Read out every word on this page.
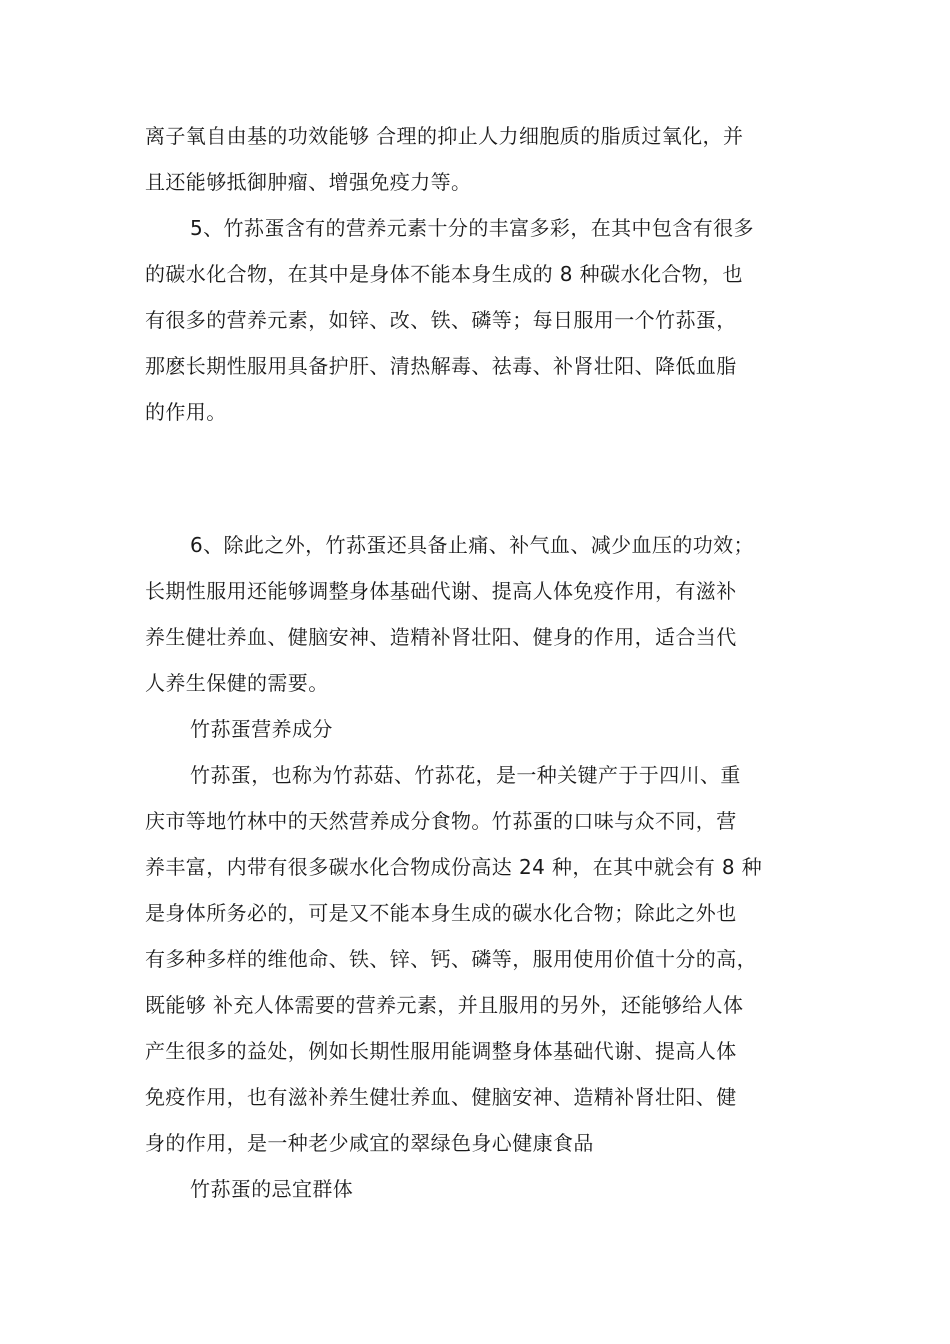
离子氧自由基的功效能够 合理的抑止人力细胞质的脂质过氧化，并
且还能够抵御肿瘤、增强免疫力等。
5、竹荪蛋含有的营养元素十分的丰富多彩，在其中包含有很多
的碳水化合物，在其中是身体不能本身生成的 8 种碳水化合物，也
有很多的营养元素，如锌、改、铁、磷等；每日服用一个竹荪蛋，
那麽长期性服用具备护肝、清热解毒、祛毒、补肾壮阳、降低血脂
的作用。
6、除此之外，竹荪蛋还具备止痛、补气血、减少血压的功效；
长期性服用还能够调整身体基础代谢、提高人体免疫作用，有滋补
养生健壮养血、健脑安神、造精补肾壮阳、健身的作用，适合当代
人养生保健的需要。
竹荪蛋营养成分
竹荪蛋，也称为竹荪菇、竹荪花，是一种关键产于于四川、重
庆市等地竹林中的天然营养成分食物。竹荪蛋的口味与众不同，营
养丰富，内带有很多碳水化合物成份高达 24 种，在其中就会有 8 种
是身体所务必的，可是又不能本身生成的碳水化合物；除此之外也
有多种多样的维他命、铁、锌、钙、磷等，服用使用价值十分的高，
既能够 补充人体需要的营养元素，并且服用的另外，还能够给人体
产生很多的益处，例如长期性服用能调整身体基础代谢、提高人体
免疫作用，也有滋补养生健壮养血、健脑安神、造精补肾壮阳、健
身的作用，是一种老少咸宜的翠绿色身心健康食品
竹荪蛋的忌宜群体
